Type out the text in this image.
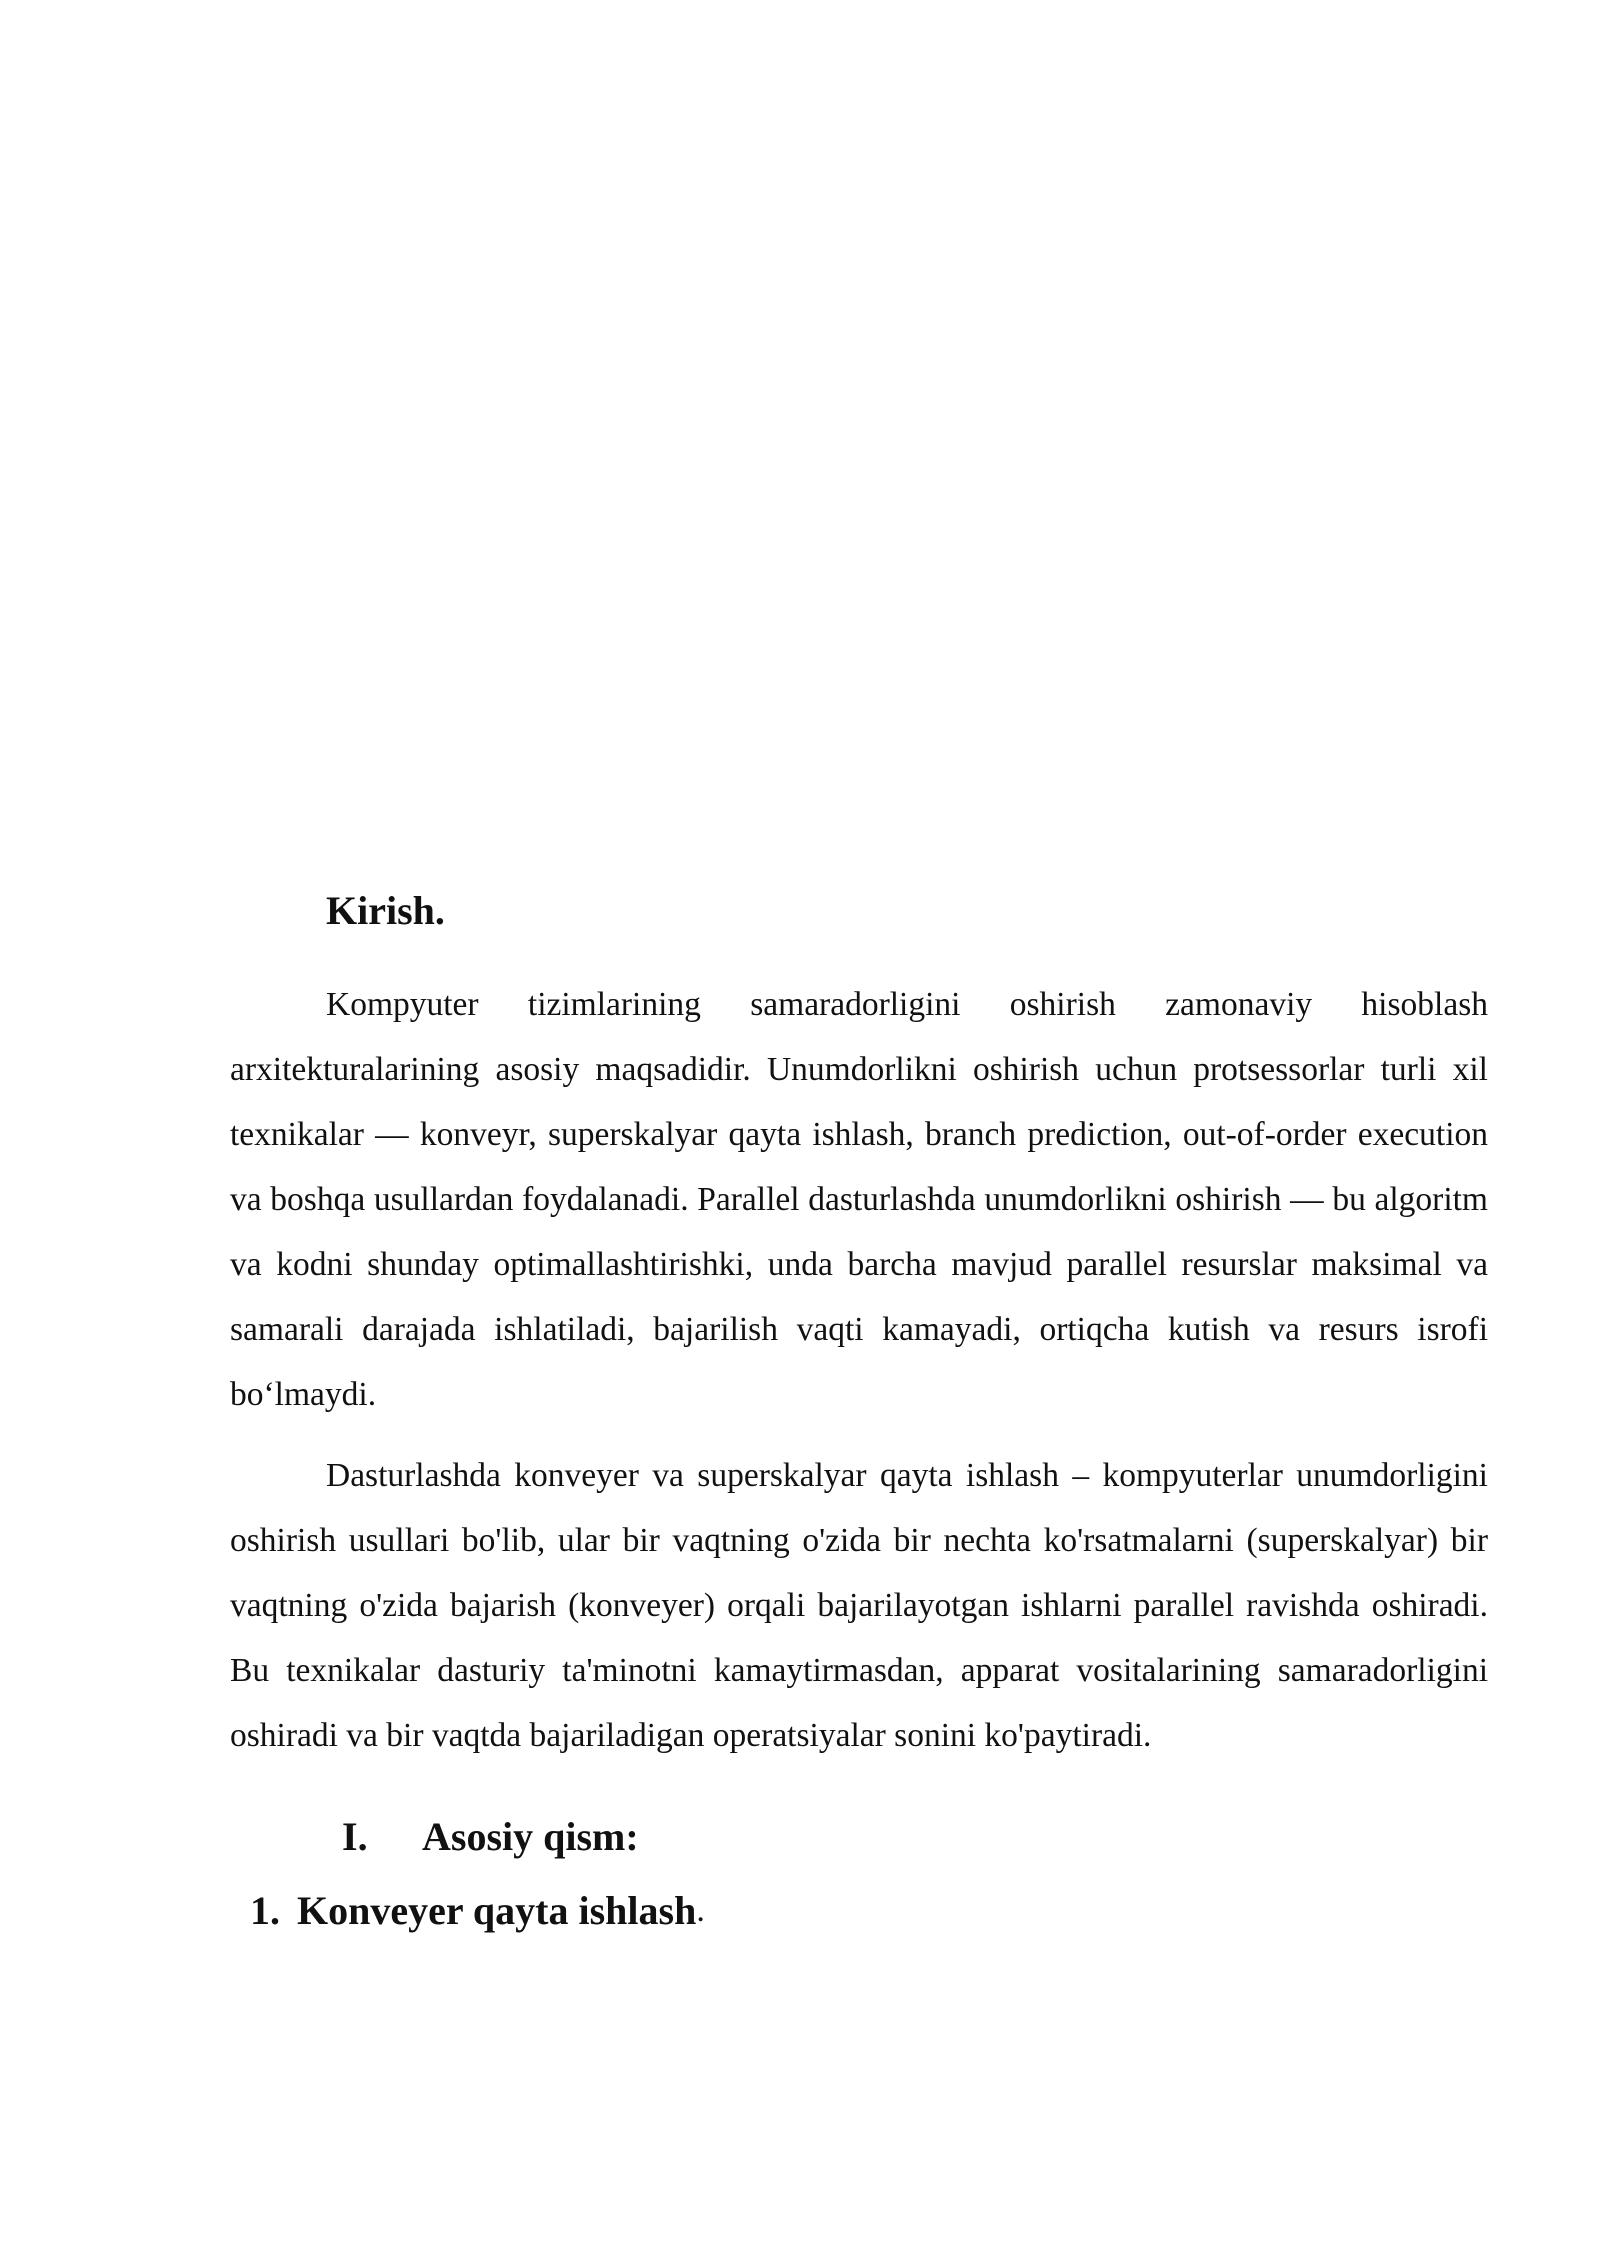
Kirish.

Kompyuter tizimlarining samaradorligini oshirish zamonaviy hisoblash arxitekturalarining asosiy maqsadidir. Unumdorlikni oshirish uchun protsessorlar turli xil texnikalar — konveyr, superskalyar qayta ishlash, branch prediction, out-of-order execution va boshqa usullardan foydalanadi. Parallel dasturlashda unumdorlikni oshirish — bu algoritm va kodni shunday optimallashtirishki, unda barcha mavjud parallel resurslar maksimal va samarali darajada ishlatiladi, bajarilish vaqti kamayadi, ortiqcha kutish va resurs isrofi bo‘lmaydi.

Dasturlashda konveyer va superskalyar qayta ishlash – kompyuterlar unumdorligini oshirish usullari bo'lib, ular bir vaqtning o'zida bir nechta ko'rsatmalarni (superskalyar) bir vaqtning o'zida bajarish (konveyer) orqali bajarilayotgan ishlarni parallel ravishda oshiradi. Bu texnikalar dasturiy ta'minotni kamaytirmasdan, apparat vositalarining samaradorligini oshiradi va bir vaqtda bajariladigan operatsiyalar sonini ko'paytiradi.

I.	Asosiy qism:
1. Konveyer qayta ishlash .
